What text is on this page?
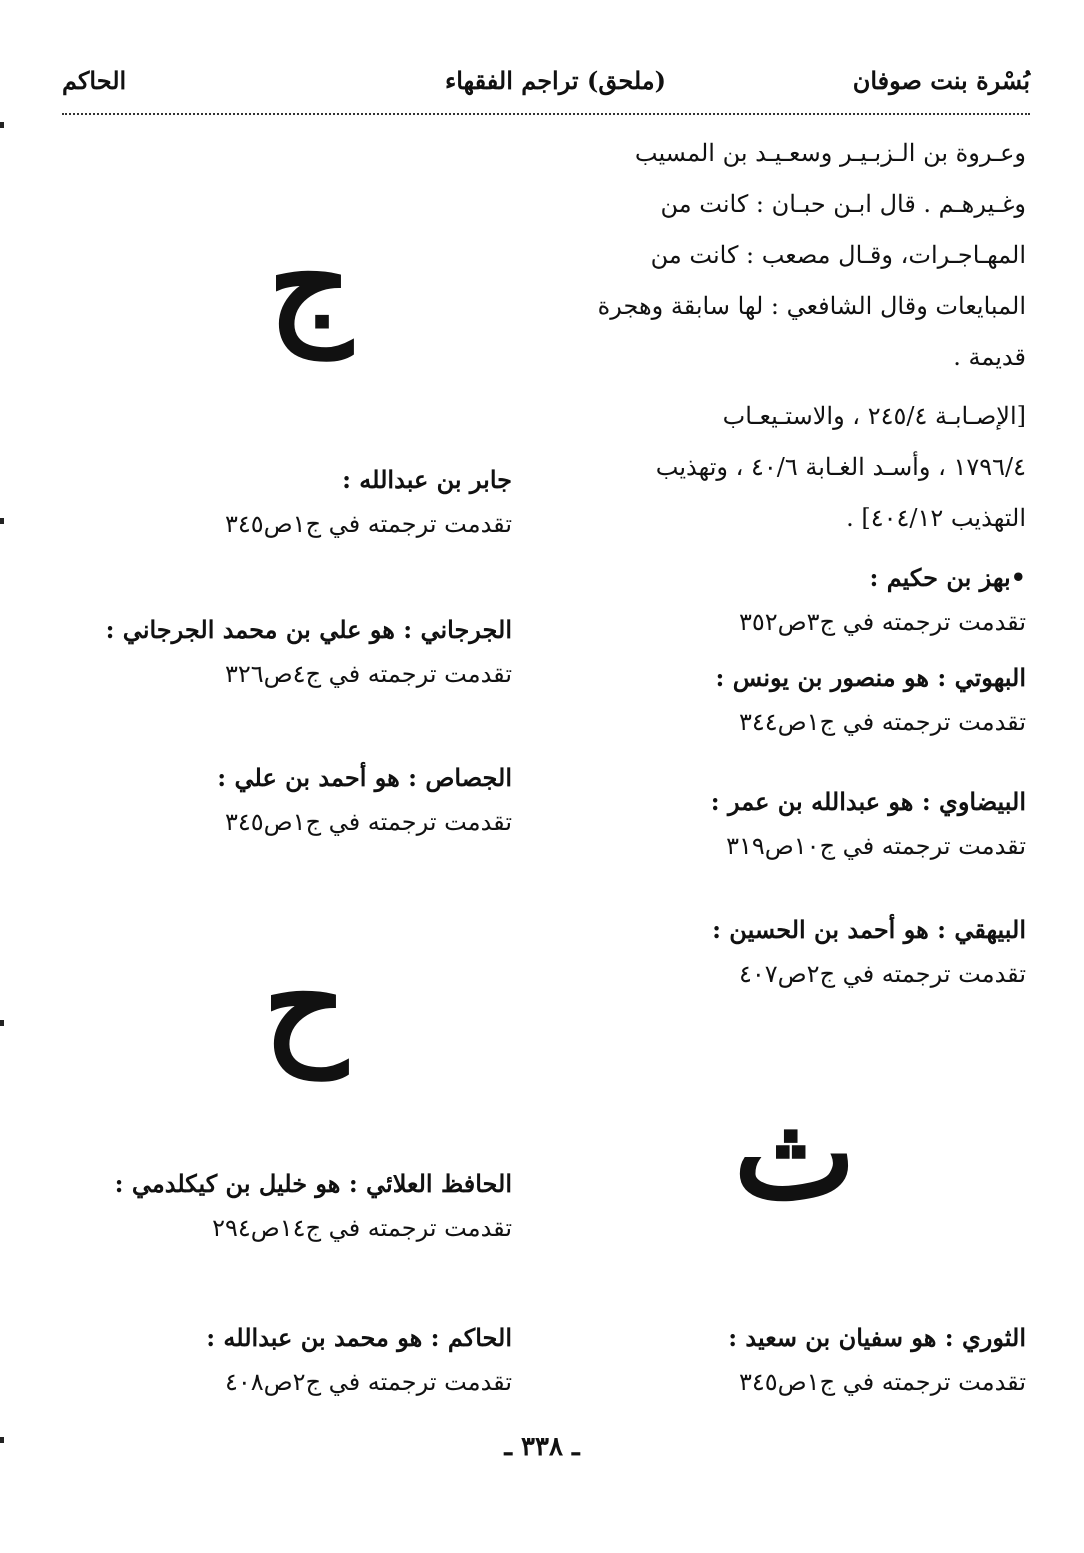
بُسْرة بنت صوفان
(ملحق) تراجم الفقهاء
الحاكم

وعـروة بن الـزبـيـر وسعـيـد بن المسيب

وغـيرهـم . قال ابـن حبـان : كانت من

المهـاجـرات، وقـال مصعب : كانت من

المبايعات وقال الشافعي : لها سابقة وهجرة

قديمة .

[الإصـابـة ٢٤٥/٤ ، والاستـيعـاب

١٧٩٦/٤ ، وأسـد الغـابة ٤٠/٦ ، وتهذيب

التهذيب ٤٠٤/١٢] .

•بهز بن حكيم :
تقدمت ترجمته في ج٣ص٣٥٢
البهوتي : هو منصور بن يونس :
تقدمت ترجمته في ج١ص٣٤٤
البيضاوي : هو عبدالله بن عمر :
تقدمت ترجمته في ج١٠ص٣١٩
البيهقي : هو أحمد بن الحسين :
تقدمت ترجمته في ج٢ص٤٠٧
ث
الثوري : هو سفيان بن سعيد :
تقدمت ترجمته في ج١ص٣٤٥
ج
جابر بن عبدالله :
تقدمت ترجمته في ج١ص٣٤٥
الجرجاني : هو علي بن محمد الجرجاني :
تقدمت ترجمته في ج٤ص٣٢٦
الجصاص : هو أحمد بن علي :
تقدمت ترجمته في ج١ص٣٤٥
ح
الحافظ العلائي : هو خليل بن كيكلدمي :
تقدمت ترجمته في ج١٤ص٢٩٤
الحاكم : هو محمد بن عبدالله :
تقدمت ترجمته في ج٢ص٤٠٨
ـ ٣٣٨ ـ
